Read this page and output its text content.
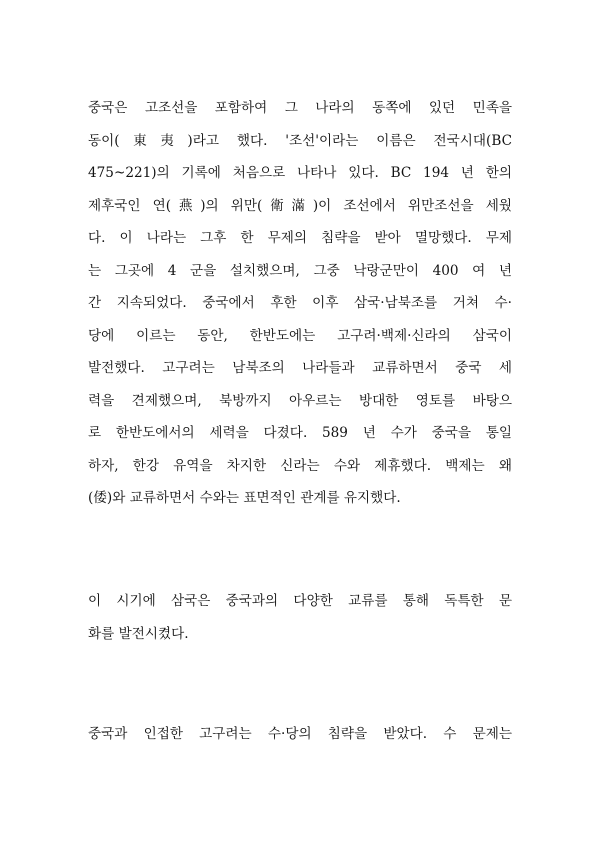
중국은 고조선을 포함하여 그 나라의 동쪽에 있던 민족을
동이(東夷)라고 했다. '조선'이라는 이름은 전국시대(BC
475~221)의 기록에 처음으로 나타나 있다. BC 194 년 한의
제후국인 연(燕)의 위만(衛滿)이 조선에서 위만조선을 세웠
다. 이 나라는 그후 한 무제의 침략을 받아 멸망했다. 무제
는 그곳에 4 군을 설치했으며, 그중 낙랑군만이 400 여 년
간 지속되었다. 중국에서 후한 이후 삼국·남북조를 거쳐 수·
당에 이르는 동안, 한반도에는 고구려·백제·신라의 삼국이
발전했다. 고구려는 남북조의 나라들과 교류하면서 중국 세
력을 견제했으며, 북방까지 아우르는 방대한 영토를 바탕으
로 한반도에서의 세력을 다졌다. 589 년 수가 중국을 통일
하자, 한강 유역을 차지한 신라는 수와 제휴했다. 백제는 왜
(倭)와 교류하면서 수와는 표면적인 관계를 유지했다.
이 시기에 삼국은 중국과의 다양한 교류를 통해 독특한 문
화를 발전시켰다.
중국과 인접한 고구려는 수·당의 침략을 받았다. 수 문제는
